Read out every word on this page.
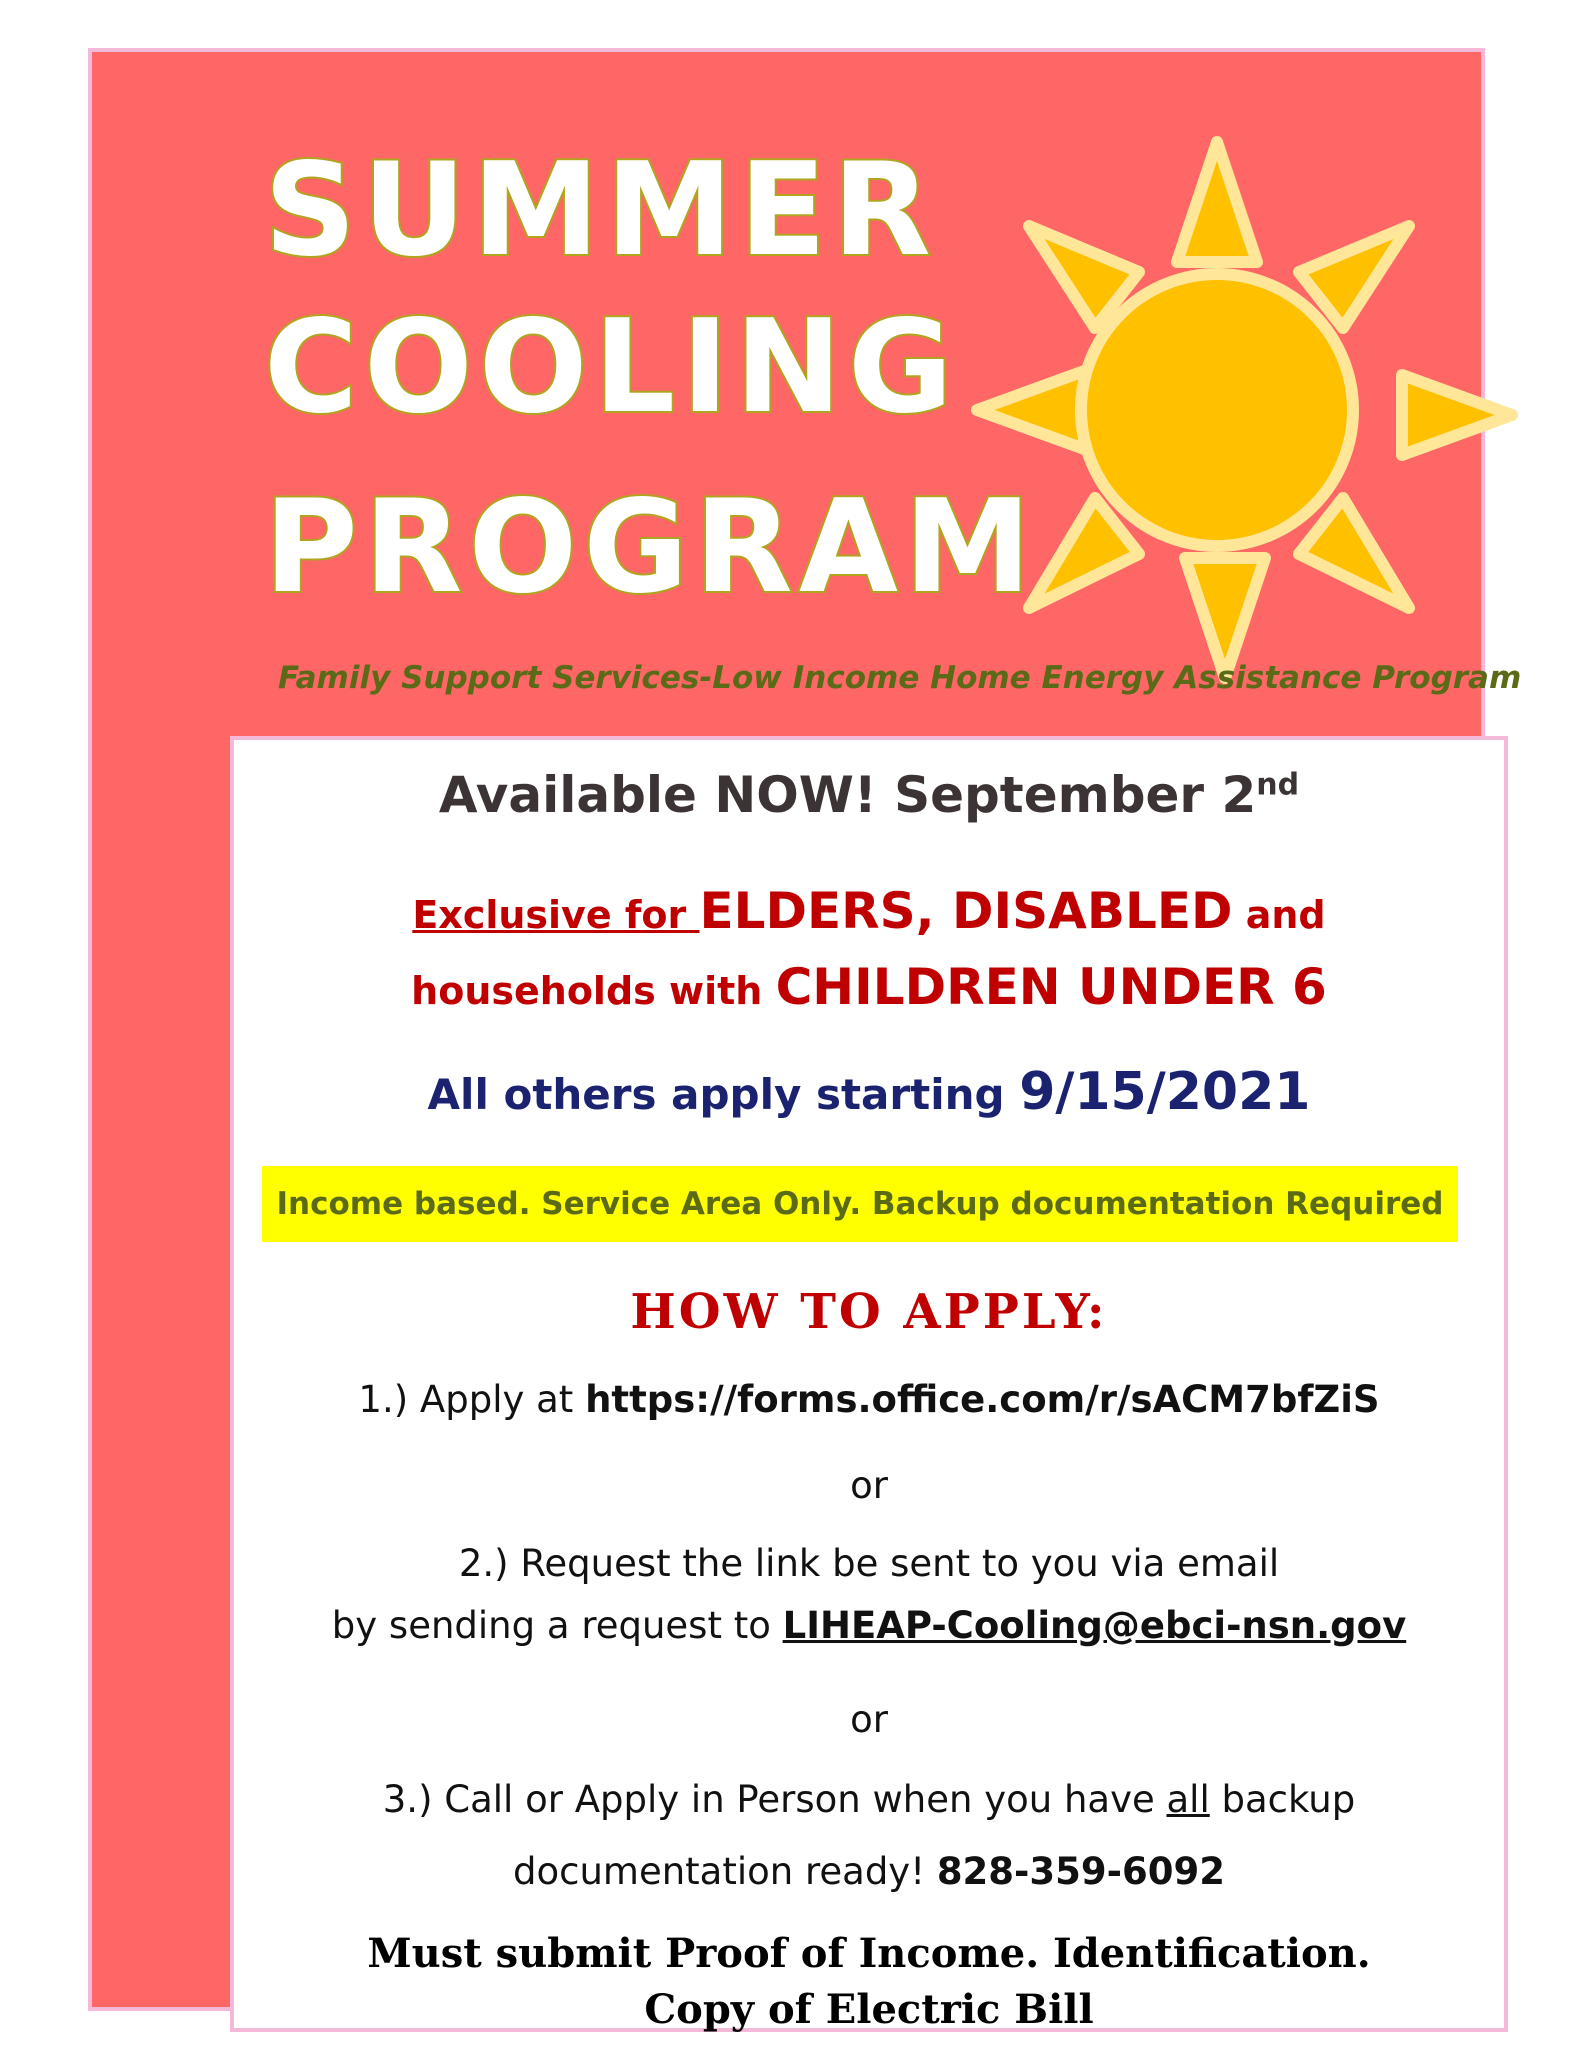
SUMMER
COOLING
PROGRAM

Family Support Services-Low Income Home Energy Assistance Program

Available NOW! September 2nd

Exclusive for ELDERS, DISABLED and

households with CHILDREN UNDER 6

All others apply starting 9/15/2021

Income based. Service Area Only. Backup documentation Required

HOW TO APPLY:

1.) Apply at https://forms.office.com/r/sACM7bfZiS

or

2.) Request the link be sent to you via email

by sending a request to LIHEAP-Cooling@ebci-nsn.gov

or

3.) Call or Apply in Person when you have all backup

documentation ready! 828-359-6092

Must submit Proof of Income. Identification.

Copy of Electric Bill
